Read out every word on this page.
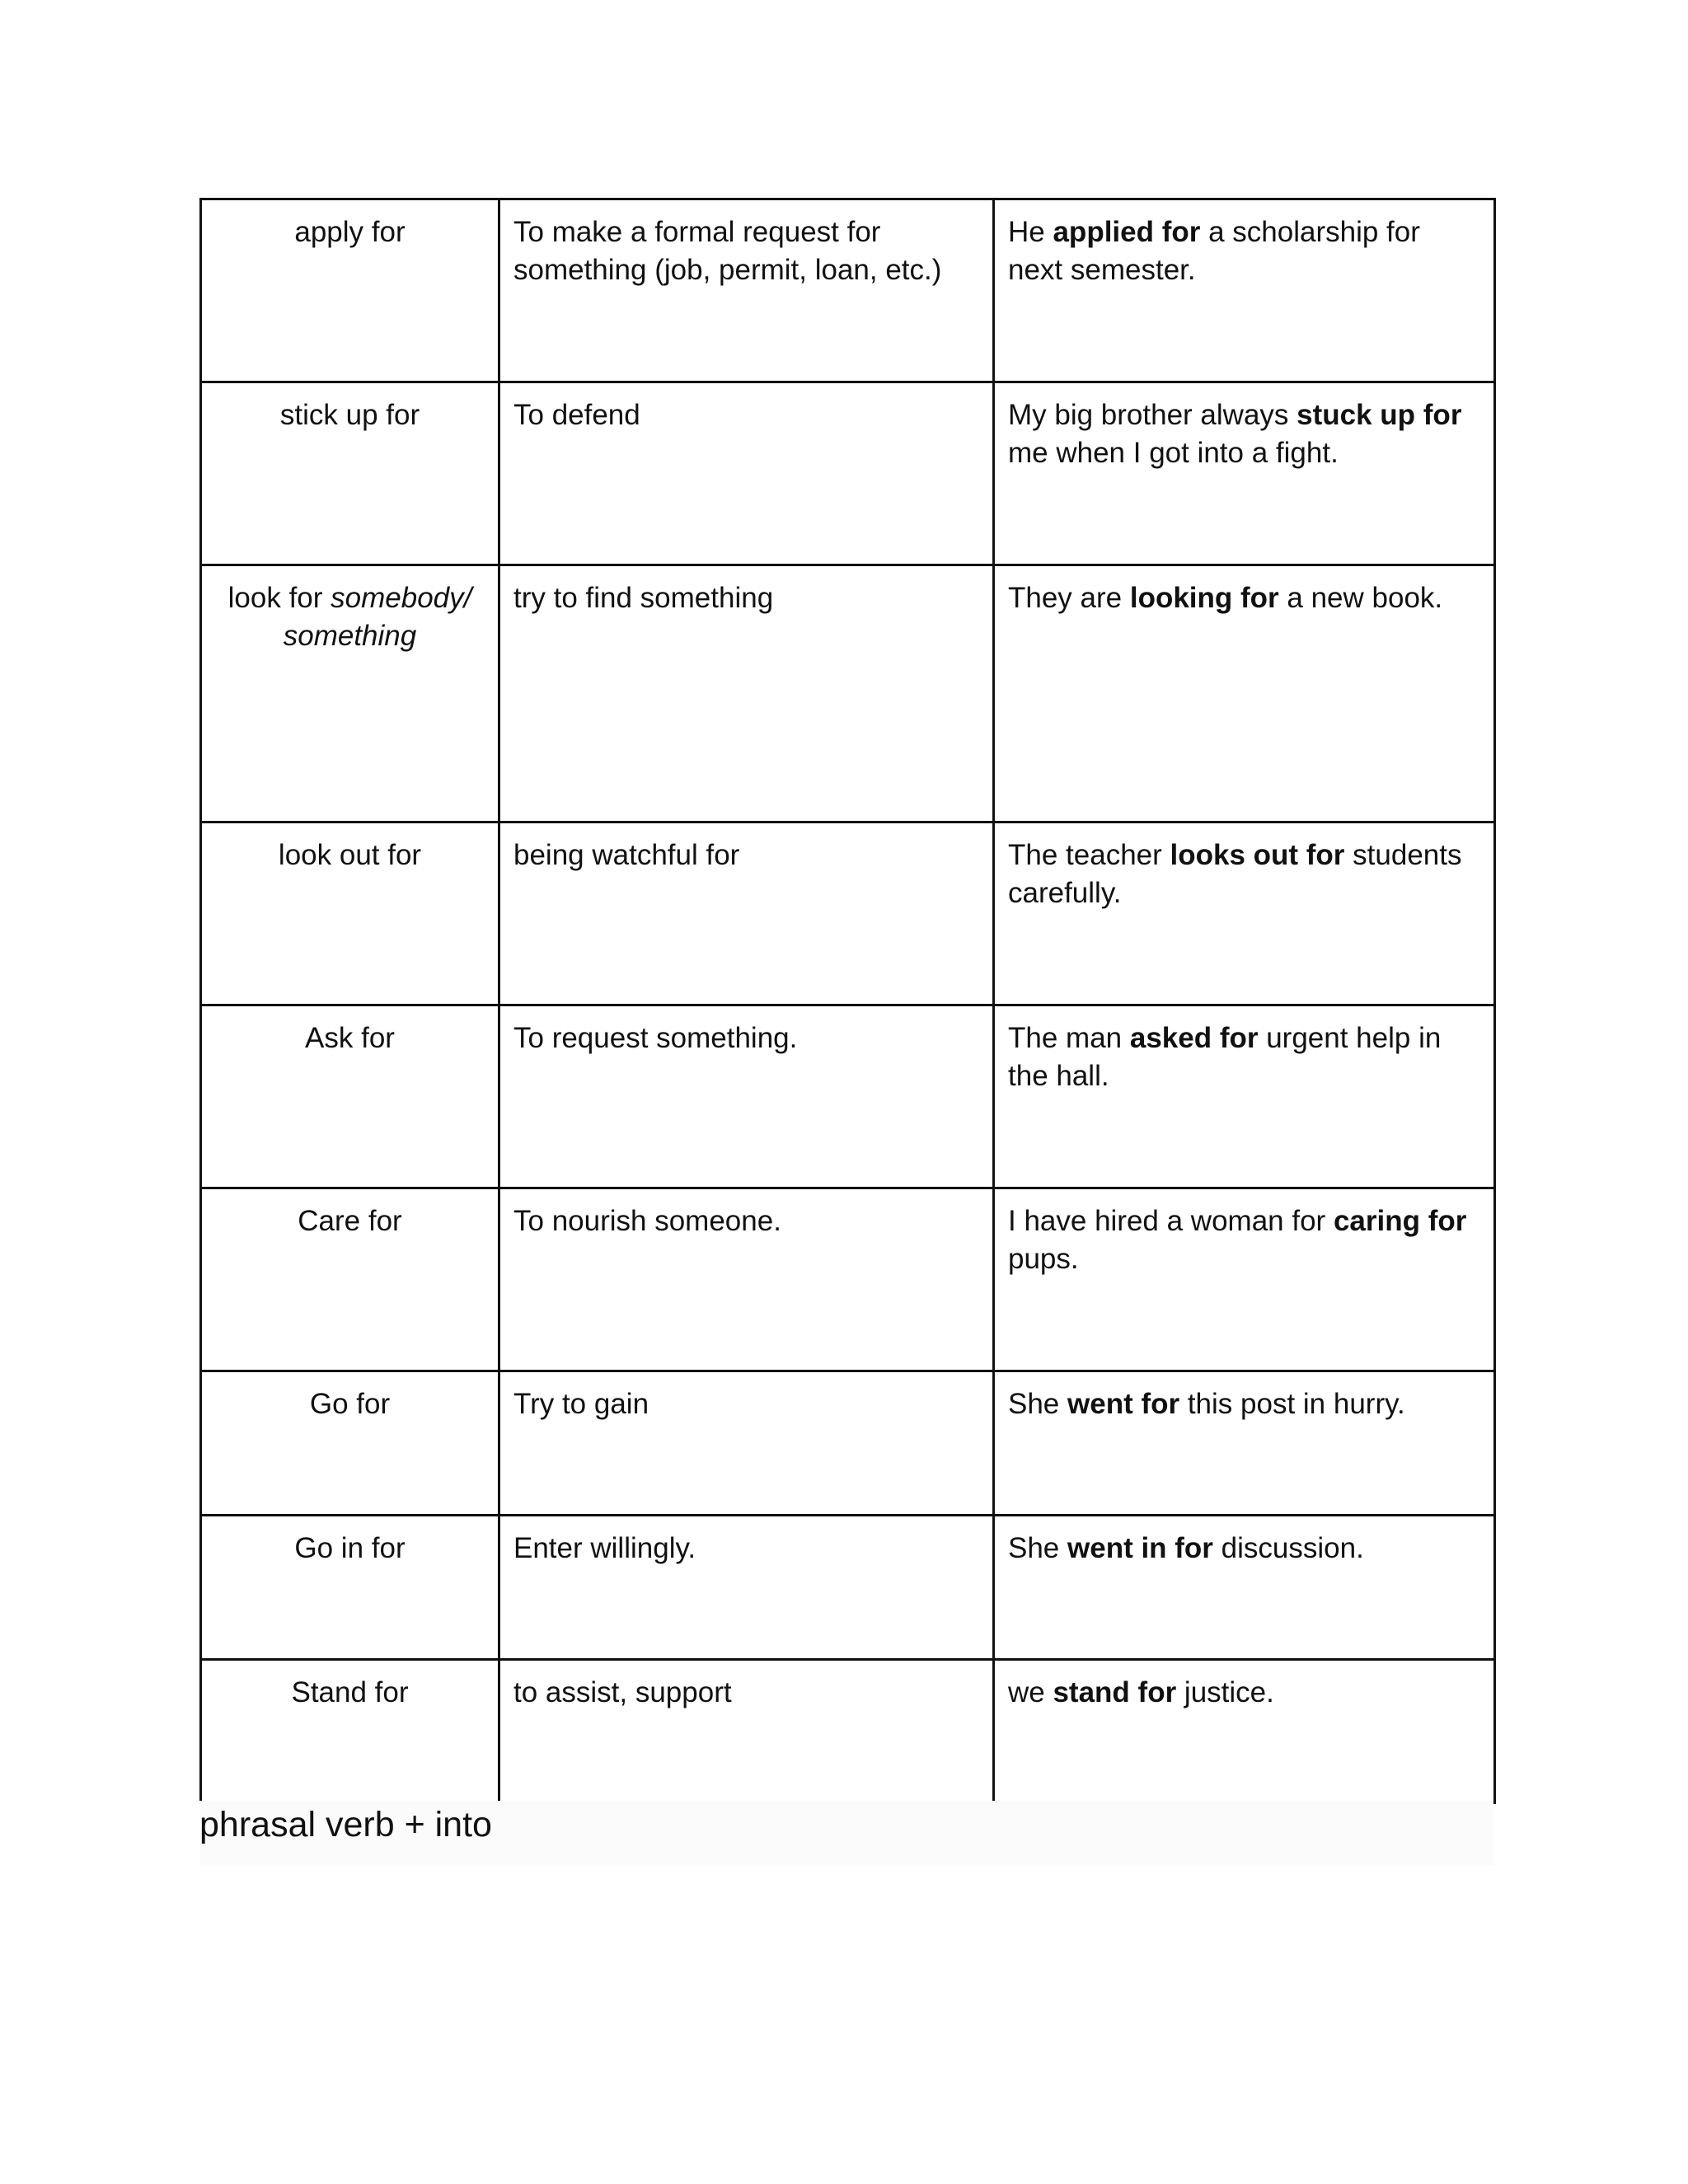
apply for	To make a formal request for something (job, permit, loan, etc.)	He applied for a scholarship for next semester.
stick up for	To defend	My big brother always stuck up for me when I got into a fight.
look for somebody/ something	try to find something	They are looking for a new book.
look out for	being watchful for	The teacher looks out for students carefully.
Ask for	To request something.	The man asked for urgent help in the hall.
Care for	To nourish someone.	I have hired a woman for caring for pups.
Go for	Try to gain	She went for this post in hurry.
Go in for	Enter willingly.	She went in for discussion.
Stand for	to assist, support	we stand for justice.
phrasal verb + into
